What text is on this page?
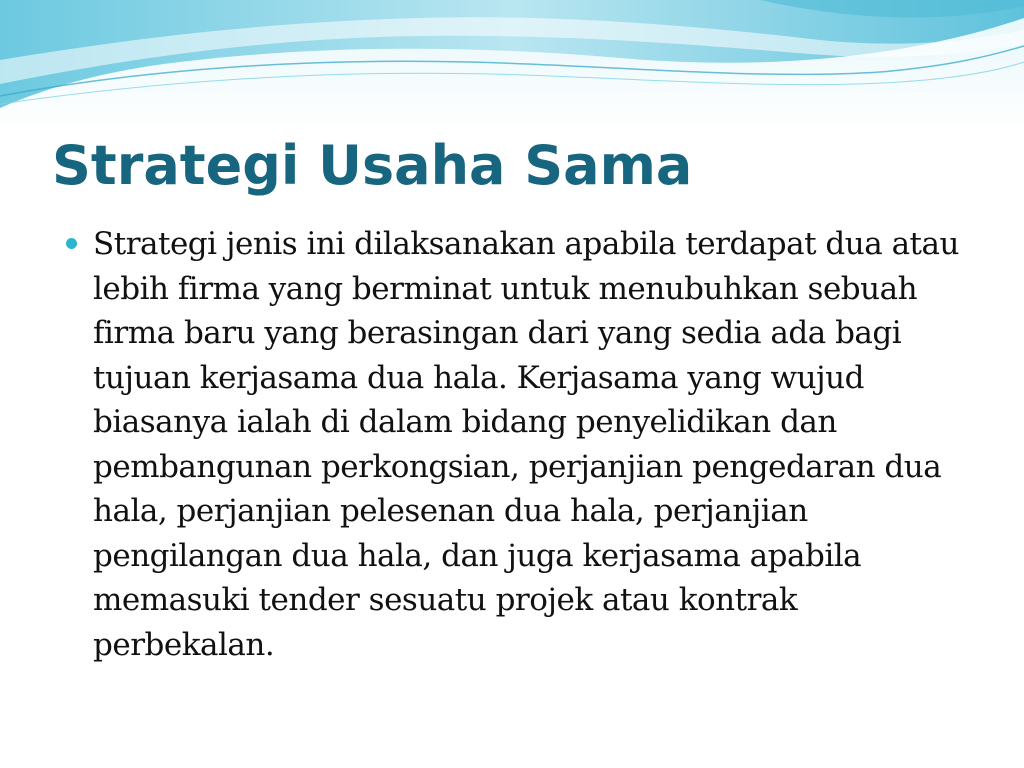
Strategi Usaha Sama
Strategi jenis ini dilaksanakan apabila terdapat dua atau lebih firma yang berminat untuk menubuhkan sebuah firma baru yang berasingan dari yang sedia ada bagi tujuan kerjasama dua hala. Kerjasama yang wujud biasanya ialah di dalam bidang penyelidikan dan pembangunan perkongsian, perjanjian pengedaran dua hala, perjanjian pelesenan dua hala, perjanjian pengilangan dua hala, dan juga kerjasama apabila memasuki tender sesuatu projek atau kontrak perbekalan.
